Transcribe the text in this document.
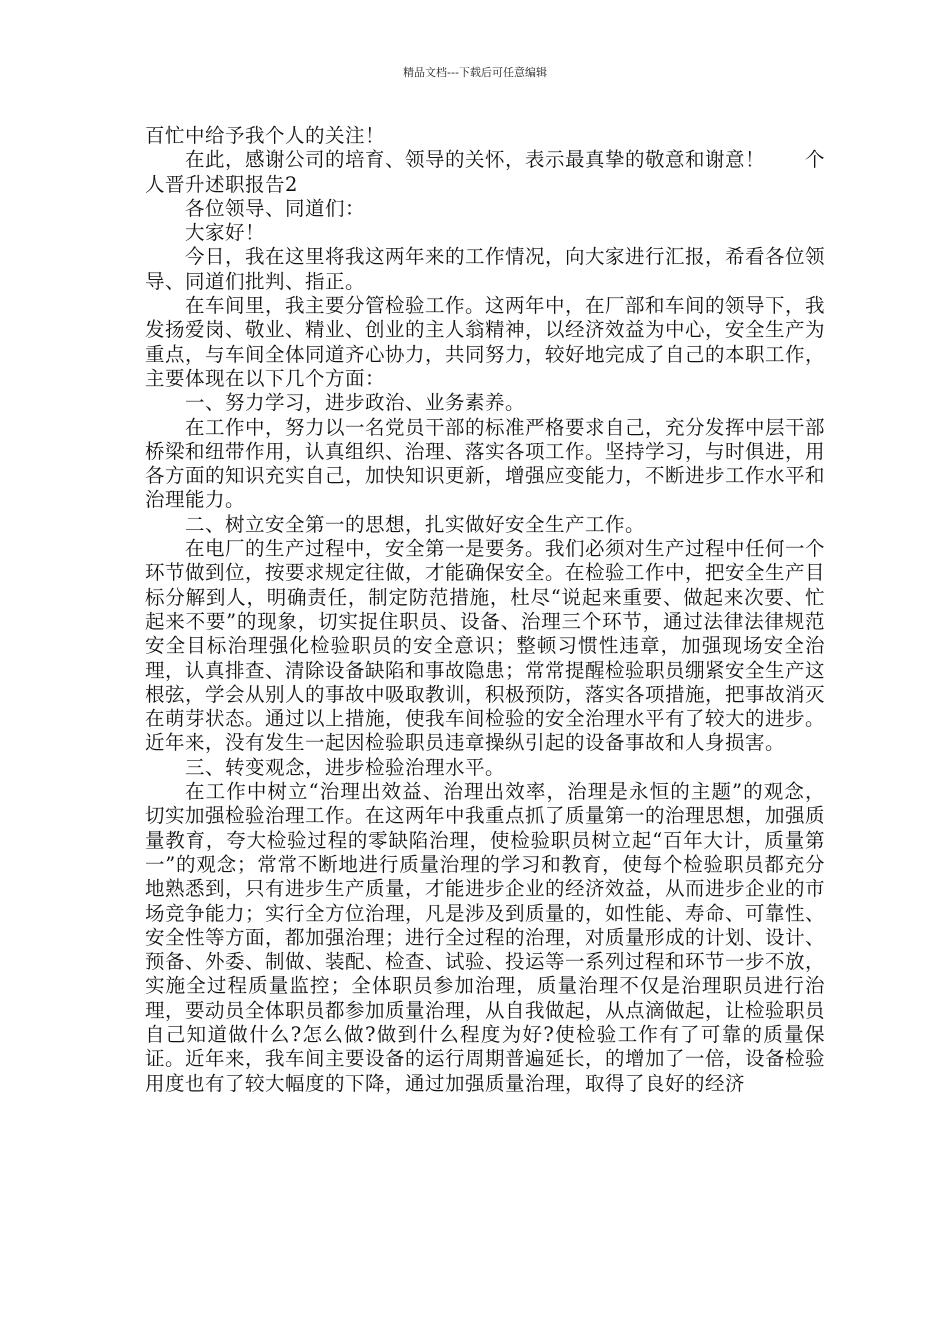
精品文档---下载后可任意编辑

百忙中给予我个人的关注！

在此，感谢公司的培育、领导的关怀，表示最真挚的敬意和谢意！　　个人晋升述职报告2

各位领导、同道们：

大家好！

今日，我在这里将我这两年来的工作情况，向大家进行汇报，希看各位领导、同道们批判、指正。

在车间里，我主要分管检验工作。这两年中，在厂部和车间的领导下，我发扬爱岗、敬业、精业、创业的主人翁精神，以经济效益为中心，安全生产为重点，与车间全体同道齐心协力，共同努力，较好地完成了自己的本职工作，主要体现在以下几个方面：

一、努力学习，进步政治、业务素养。

在工作中，努力以一名党员干部的标准严格要求自己，充分发挥中层干部桥梁和纽带作用，认真组织、治理、落实各项工作。坚持学习，与时俱进，用各方面的知识充实自己，加快知识更新，增强应变能力，不断进步工作水平和治理能力。

二、树立安全第一的思想，扎实做好安全生产工作。

在电厂的生产过程中，安全第一是要务。我们必须对生产过程中任何一个环节做到位，按要求规定往做，才能确保安全。在检验工作中，把安全生产目标分解到人，明确责任，制定防范措施，杜尽“说起来重要、做起来次要、忙起来不要”的现象，切实捉住职员、设备、治理三个环节，通过法律法律规范安全目标治理强化检验职员的安全意识；整顿习惯性违章，加强现场安全治理，认真排查、清除设备缺陷和事故隐患；常常提醒检验职员绷紧安全生产这根弦，学会从别人的事故中吸取教训，积极预防，落实各项措施，把事故消灭在萌芽状态。通过以上措施，使我车间检验的安全治理水平有了较大的进步。近年来，没有发生一起因检验职员违章操纵引起的设备事故和人身损害。

三、转变观念，进步检验治理水平。

在工作中树立“治理出效益、治理出效率，治理是永恒的主题”的观念，切实加强检验治理工作。在这两年中我重点抓了质量第一的治理思想，加强质量教育，夸大检验过程的零缺陷治理，使检验职员树立起“百年大计，质量第一”的观念；常常不断地进行质量治理的学习和教育，使每个检验职员都充分地熟悉到，只有进步生产质量，才能进步企业的经济效益，从而进步企业的市场竞争能力；实行全方位治理，凡是涉及到质量的，如性能、寿命、可靠性、安全性等方面，都加强治理；进行全过程的治理，对质量形成的计划、设计、预备、外委、制做、装配、检查、试验、投运等一系列过程和环节一步不放，实施全过程质量监控；全体职员参加治理，质量治理不仅是治理职员进行治理，要动员全体职员都参加质量治理，从自我做起，从点滴做起，让检验职员自己知道做什么?怎么做?做到什么程度为好?使检验工作有了可靠的质量保证。近年来，我车间主要设备的运行周期普遍延长，的增加了一倍，设备检验用度也有了较大幅度的下降，通过加强质量治理，取得了良好的经济
